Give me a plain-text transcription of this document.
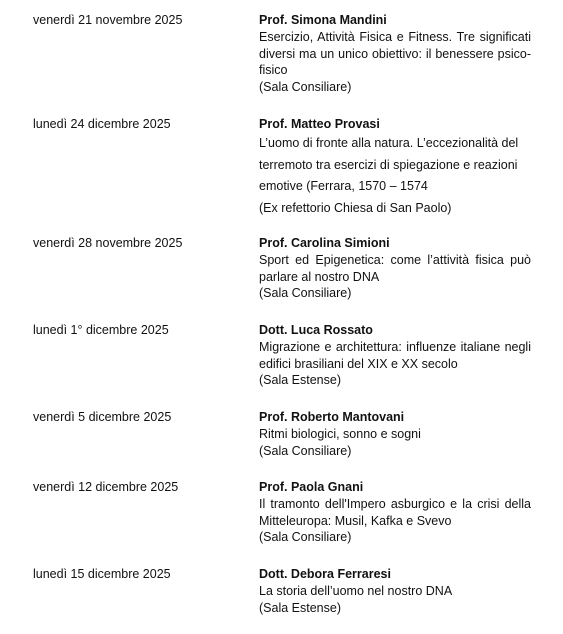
venerdì 21 novembre 2025	Prof. Simona Mandini
Esercizio, Attività Fisica e Fitness. Tre significati diversi ma un unico obiettivo: il benessere psico-fisico
(Sala Consiliare)
lunedì 24 dicembre 2025	Prof. Matteo Provasi
L’uomo di fronte alla natura. L’eccezionalità del terremoto tra esercizi di spiegazione e reazioni emotive (Ferrara, 1570 – 1574
(Ex refettorio Chiesa di San Paolo)
venerdì 28 novembre 2025	Prof. Carolina Simioni
Sport ed Epigenetica: come l’attività fisica può parlare al nostro DNA
(Sala Consiliare)
lunedì 1° dicembre 2025	Dott. Luca Rossato
Migrazione e architettura: influenze italiane negli edifici brasiliani del XIX e XX secolo
(Sala Estense)
venerdì 5 dicembre 2025	Prof. Roberto Mantovani
Ritmi biologici, sonno e sogni
(Sala Consiliare)
venerdì 12 dicembre 2025	Prof. Paola Gnani
Il tramonto dell'Impero asburgico e la crisi della Mitteleuropa: Musil, Kafka e Svevo
(Sala Consiliare)
lunedì 15 dicembre 2025	Dott. Debora Ferraresi
La storia dell’uomo nel nostro DNA
(Sala Estense)
